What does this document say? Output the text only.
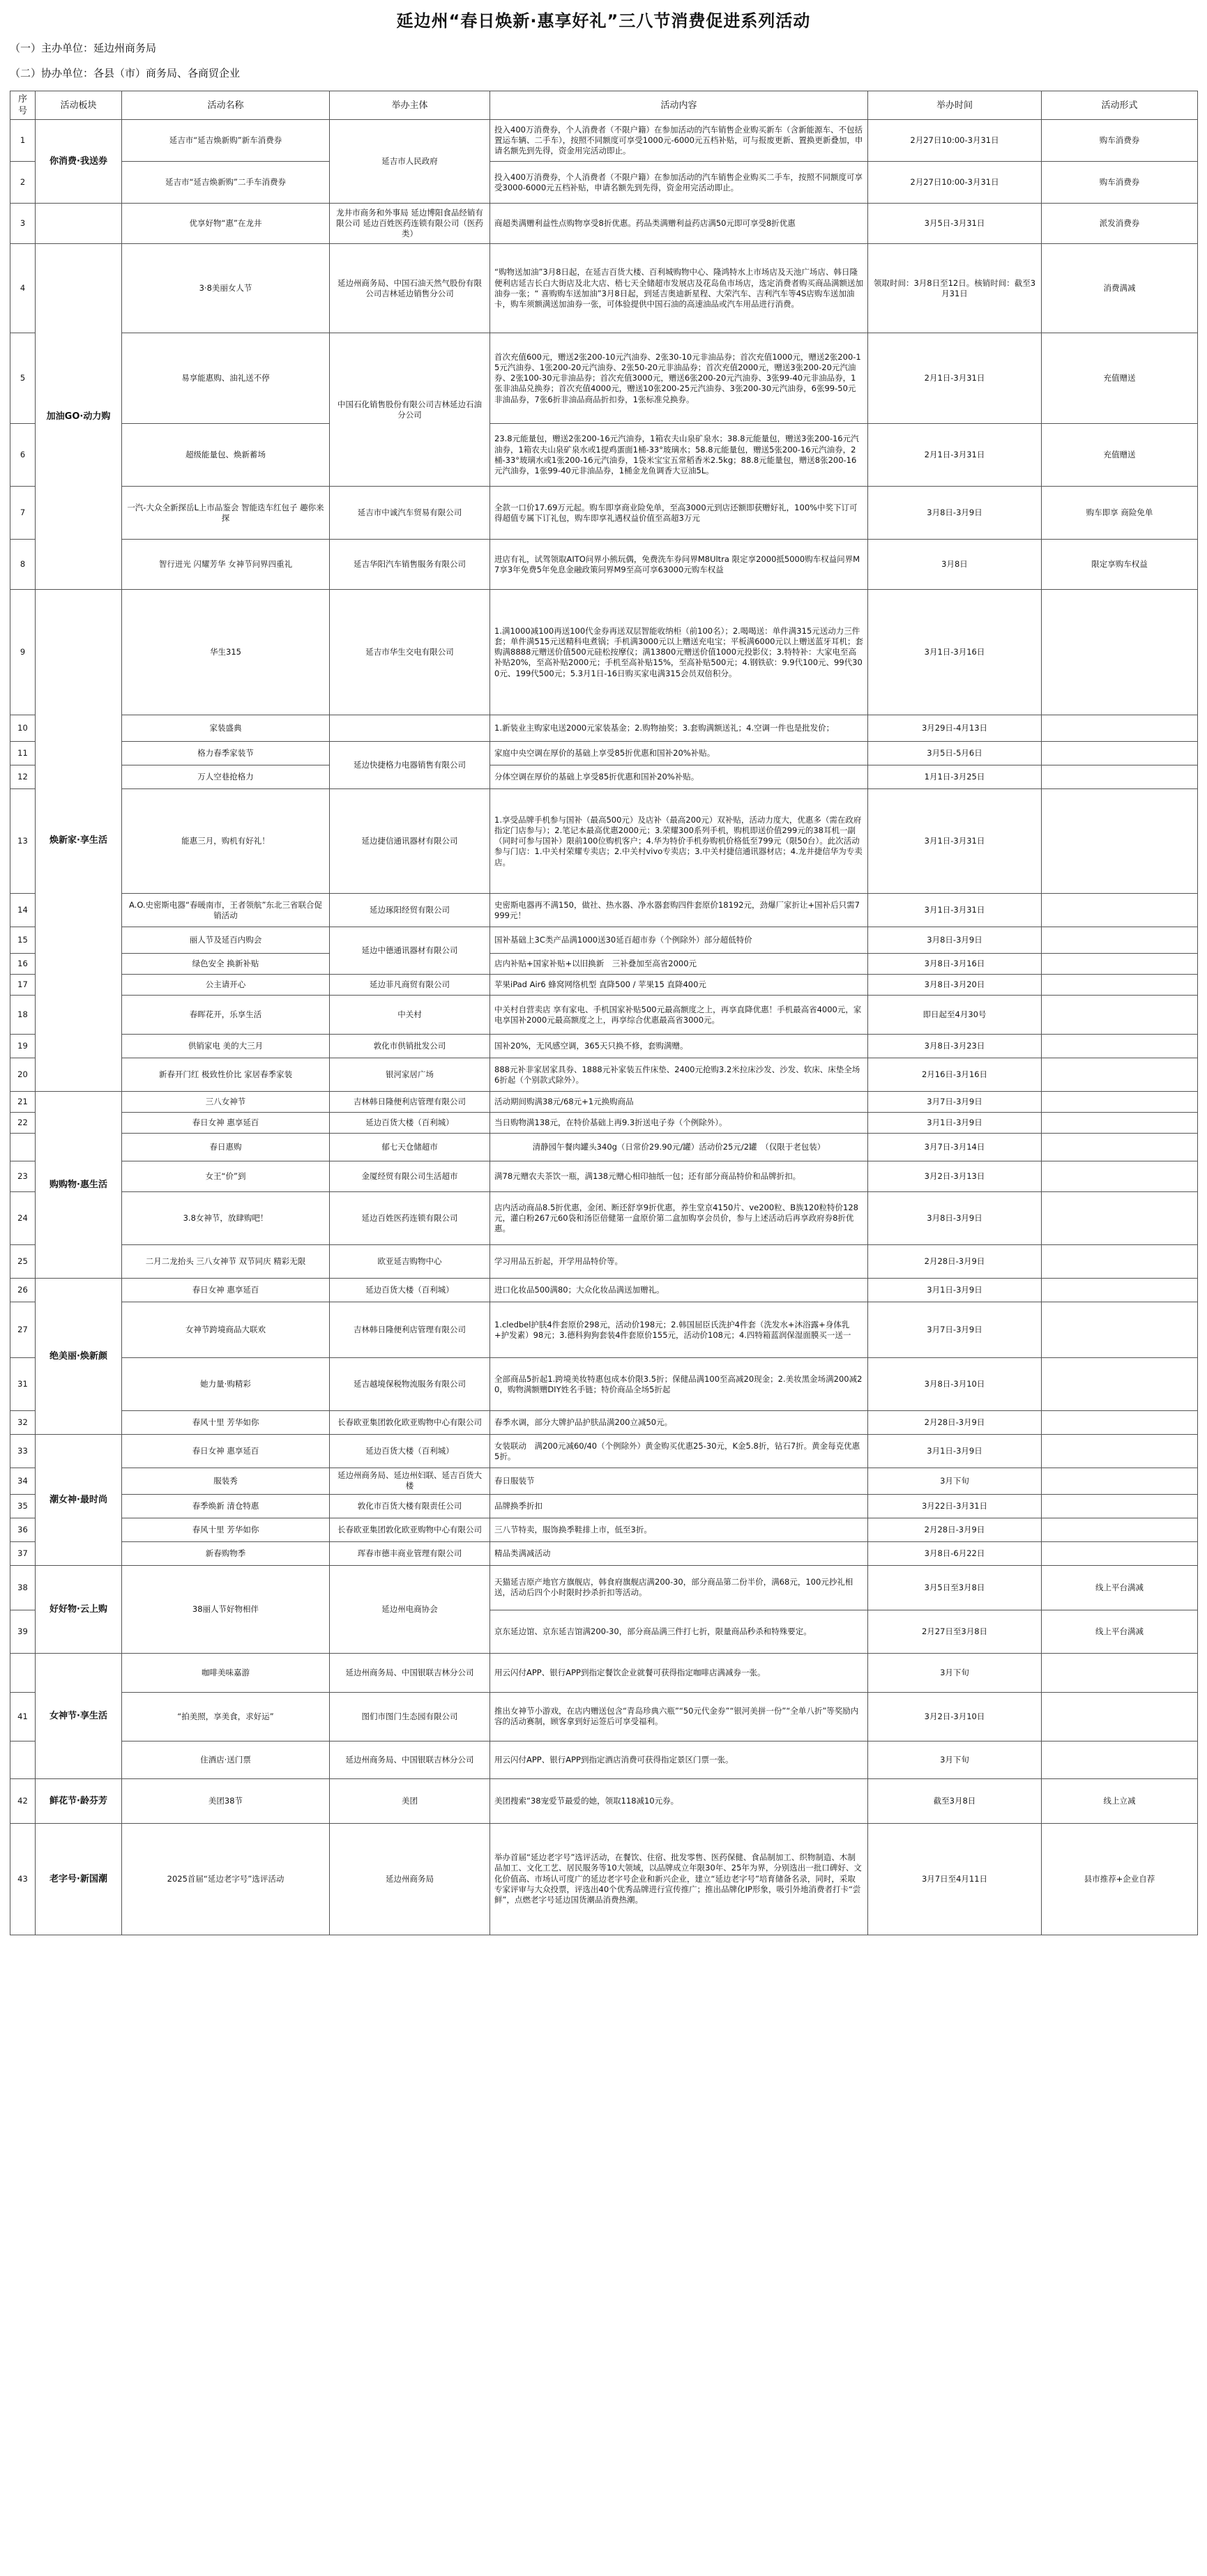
延边州“春日焕新·惠享好礼”三八节消费促进系列活动
（一）主办单位：延边州商务局
（二）协办单位：各县（市）商务局、各商贸企业
序号	活动板块	活动名称	举办主体	活动内容	举办时间	活动形式
1	你消费·我送券	延吉市“延吉焕新购”新车消费券	延吉市人民政府	投入400万消费券，个人消费者（不限户籍）在参加活动的汽车销售企业购买新车（含新能源车、不包括置运车辆、二手车），按照不同额度可享受1000元-6000元五档补贴，可与报废更新、置换更新叠加，申请名额先到先得，资金用完活动即止。	2月27日10:00-3月31日	购车消费券
2		延吉市“延吉焕新购”二手车消费券		投入400万消费券，个人消费者（不限户籍）在参加活动的汽车销售企业购买二手车，按照不同额度可享受3000-6000元五档补贴，申请名额先到先得，资金用完活动即止。	2月27日10:00-3月31日	购车消费券
3		优享好物“惠”在龙井	龙井市商务和外事局 延边博阳食品经销有限公司 延边百姓医药连锁有限公司（医药类）	商超类满赠利益性点购物享受8折优惠。药品类满赠利益药店满50元即可享受8折优惠	3月5日-3月31日	派发消费券
4	加油GO·动力购	3·8美丽女人节	延边州商务局、中国石油天然气股份有限公司吉林延边销售分公司	“购物送加油”3月8日起，在延吉百货大楼、百利城购物中心、隆鸿特水上市场店及天池广场店、韩日隆便利店延吉长白大街店及北大店、梧七天全储超市发展店及花岛鱼市场店，选定消费者购买商品满额送加油券一张；“ 喜购购车送加油”3月8日起，到延吉奥迪新星程、大荣汽车、吉利汽车等4S店购车送加油卡，购车须额满送加油券一张，可体验提供中国石油的高速油品或汽车用品进行消费。	领取时间：3月8日至12日。核销时间：截至3月31日	消费满减
5		易享能惠购、油礼送不停	中国石化销售股份有限公司吉林延边石油分公司	首次充值600元，赠送2张200-10元汽油券、2张30-10元非油品券；首次充值1000元，赠送2张200-15元汽油券、1张200-20元汽油券、2张50-20元非油品券；首次充值2000元，赠送3张200-20元汽油券、2张100-30元非油品券；首次充值3000元，赠送6张200-20元汽油券、3张99-40元非油品券，1张非油品兑换券；首次充值4000元，赠送10张200-25元汽油券、3张200-30元汽油券，6张99-50元非油品券，7张6折非油品商品折扣券，1张标准兑换券。	2月1日-3月31日	充值赠送
6		超级能量包、焕新蓄场		23.8元能量包，赠送2张200-16元汽油券，1箱农夫山泉矿泉水；38.8元能量包，赠送3张200-16元汽油券，1箱农夫山泉矿泉水或1提鸡蛋面1桶-33°玻璃水；58.8元能量包，赠送5张200-16元汽油券，2桶-33°玻璃水或1张200-16元汽油券，1袋米宝宝五常稻香米2.5kg；88.8元能量包，赠送8张200-16元汽油券，1张99-40元非油品券，1桶金龙鱼调香大豆油5L。	2月1日-3月31日	充值赠送
7		一汽-大众全新探岳L上市品鉴会 智能迭车红包子 趣你来探	延吉市中诚汽车贸易有限公司	全款一口价17.69万元起。购车即享商业险免单，至高3000元到店还额即获赠好礼，100%中奖下订可得超值专属下订礼包，购车即享礼遇权益价值至高超3万元	3月8日-3月9日	购车即享 商险免单
8		智行迸光 闪耀芳华 女神节问界四重礼	延吉华阳汽车销售服务有限公司	进店有礼，试驾领取AITO问界小熊玩偶，免费洗车券问界M8Ultra 限定享2000抵5000购车权益问界M7享3年免费5年免息金融政策问界M9至高可享63000元购车权益	3月8日	限定享购车权益
9	焕新家·享生活	华生315	延吉市华生交电有限公司	1.满1000减100再送100代金券再送双层智能收纳柜（前100名）；2.喝喝送：单件满315元送动力三件套；单件满515元送精科电煮锅；手机满3000元以上赠送充电宝；平板满6000元以上赠送蓝牙耳机；套购满8888元赠送价值500元硅松按摩仪；满13800元赠送价值1000元投影仪；3.特特补：大家电至高补贴20%，至高补贴2000元；手机至高补贴15%，至高补贴500元；4.钢铁砍：9.9代100元、99代300元、199代500元；5.3月1日-16日购买家电满315会员双倍积分。	3月1日-3月16日	
10		家装盛典		1.新装业主购家电送2000元家装基金；2.购物抽奖；3.套购满额送礼；4.空调一件也是批发价；	3月29日-4月13日	
11		格力春季家装节	延边快捷格力电器销售有限公司	家庭中央空调在厚价的基础上享受85折优惠和国补20%补贴。	3月5日-5月6日	
12		万人空巷抢格力		分体空调在厚价的基础上享受85折优惠和国补20%补贴。	1月1日-3月25日	
13		能惠三月，购机有好礼！	延边捷信通讯器材有限公司	1.享受品牌手机参与国补（最高500元）及店补（最高200元）双补贴，活动力度大，优惠多（需在政府指定门店参与）；2.笔记本最高优惠2000元；3.荣耀300系列手机，购机即送价值299元的38耳机一副（同时可参与国补）限前100位购机客户；4.华为特价手机券购机价格低至799元（限50台）。此次活动参与门店：1.中关村荣耀专卖店；2.中关村vivo专卖店；3.中关村捷信通讯器材店；4.龙井捷信华为专卖店。	3月1日-3月31日	
14		A.O.史密斯电器“春暖南市，王者领航”东北三省联合促销活动	延边琢阳经贸有限公司	史密斯电器再不满150，做社、热水器、净水器套购四件套原价18192元，劲爆厂家折让+国补后只需7999元！	3月1日-3月31日	
15		丽人节及延百内购会	延边中德通讯器材有限公司	国补基础上3C类产品满1000送30延百超市券（个例除外）部分超低特价	3月8日-3月9日	
16		绿色安全 换新补贴		店内补贴+国家补贴+以旧换新　三补叠加至高省2000元	3月8日-3月16日	
17		公主请开心	延边菲凡商贸有限公司	苹果iPad Air6 蜂窝网络机型 直降500 / 苹果15 直降400元	3月8日-3月20日	
18		春晖花开，乐享生活	中关村	中关村自营卖店 享有家电、手机国家补贴500元最高额度之上，再享直降优惠！手机最高省4000元，家电享国补2000元最高额度之上，再享综合优惠最高省3000元。	即日起至4月30号	
19		供销家电 美的大三月	敦化市供销批发公司	国补20%，无风感空调，365天只换不修，套购满赠。	3月8日-3月23日	
20		新春开门红 极致性价比 家居春季家装	银河家居广场	888元补非家居家具券、1888元补家装五件床垫、2400元抢购3.2米拉床沙发、沙发、软床、床垫全场6折起（个别款式除外）。	2月16日-3月16日	
21	购购物·惠生活	三八女神节	吉林韩日隆便利店管理有限公司	活动期间购满38元/68元+1元换购商品	3月7日-3月9日	
22		春日女神 惠享延百	延边百货大楼（百利城）	当日购物满138元，在特价基础上再9.3折送电子券（个例除外）。	3月1日-3月9日	
		春日惠购	郁七天仓储超市	清静园午餐肉罐头340g（日常价29.90元/罐）活动价25元/2罐　（仅限于老包装）	3月7日-3月14日	
23		女王“价”到	金厦经贸有限公司生活超市	满78元赠农夫茶饮一瓶，满138元赠心相印抽纸一包；还有部分商品特价和品牌折扣。	3月2日-3月13日	
24		3.8女神节，放肆购吧！	延边百姓医药连锁有限公司	店内活动商品8.5折优惠，金闭、断还舒享9折优惠，养生堂京4150片、ve200粒、B族120粒特价128元，灌白粉267元60袋和汤臣倍健第一盒原价第二盒加购享会员价，参与上述活动后再享政府券8折优惠。	3月8日-3月9日	
25		二月二龙抬头 三八女神节 双节同庆 精彩无限	欧亚延吉购物中心	学习用品五折起，开学用品特价等。	2月28日-3月9日	
26	绝美丽·焕新颜	春日女神 惠享延百	延边百货大楼（百利城）	进口化妆品500满80；大众化妆品满送加赠礼。	3月1日-3月9日	
27		女神节跨境商品大联欢	吉林韩日隆便利店管理有限公司	1.cledbel护肤4件套原价298元，活动价198元；2.韩国屈臣氏洗护4件套（洗发水+沐浴露+身体乳+护发素）98元；3.德科狗狗套装4件套原价155元，活动价108元；4.四特箱蓝润保湿面膜买一送一	3月7日-3月9日	
31		她力量·购精彩	延吉越境保税物流服务有限公司	全部商品5折起1.跨境美妆特惠包成本价限3.5折；保健品满100至高减20现金；2.美妆黑金场满200减20，购物满额赠DIY姓名手链；特价商品全场5折起	3月8日-3月10日	
32		春风十里 芳华如你	长春欧亚集团敦化欧亚购物中心有限公司	春季水调，部分大牌护品护肤品满200立减50元。	2月28日-3月9日	
33	潮女神·最时尚	春日女神 惠享延百	延边百货大楼（百利城）	女装联动　满200元减60/40（个例除外）黄金购买优惠25-30元，K金5.8折，钻石7折。黄金每克优惠5折。	3月1日-3月9日	
34		服装秀	延边州商务局、延边州妇联、延吉百货大楼	春日服装节	3月下旬	
35		春季焕新 清仓特惠	敦化市百货大楼有限责任公司	品牌换季折扣	3月22日-3月31日	
36		春风十里 芳华如你	长春欧亚集团敦化欧亚购物中心有限公司	三八节特卖，服饰换季鞋排上市，低至3折。	2月28日-3月9日	
37		新春购物季	珲春市德丰商业管理有限公司	精品类满减活动	3月8日-6月22日	
38	好好物·云上购	38丽人节好物相伴	延边州电商协会	天猫延吉原产地官方旗舰店，韩食府旗舰店满200-30，部分商品第二份半价，满68元，100元抄礼相送，活动后四个小时限时抄杀折扣等活动。	3月5日至3月8日	线上平台满减
39				京东延边馆、京东延吉馆满200-30，部分商品满三件打七折，限量商品秒杀和特殊要定。	2月27日至3月8日	线上平台满减
	女神节·享生活	咖啡美味嘉游	延边州商务局、中国银联吉林分公司	用云闪付APP、银行APP到指定餐饮企业就餐可获得指定咖啡店满减券一张。	3月下旬	
41		“拍美照，享美食，求好运”	图们市图门生态园有限公司	推出女神节小游戏，在店内赠送包含“青岛珍典六瓶”“50元代金券”“银河美拼一份”“全单八折”等奖励内容的活动赛制，顾客拿到好运签后可享受福利。	3月2日-3月10日	
		住酒店·送门票	延边州商务局、中国银联吉林分公司	用云闪付APP、银行APP到指定酒店消费可获得指定景区门票一张。	3月下旬	
42	鲜花节·龄芬芳	美团38节	美团	美团搜索“38宠爱节最爱的她，领取118减10元券。	截至3月8日	线上立减
43	老字号·新国潮	2025首届“延边老字号”选评活动	延边州商务局	举办首届“延边老字号”选评活动，在餐饮、住宿、批发零售、医药保健、食品制加工、织物制造、木制品加工、文化工艺、居民服务等10大领域，以品牌成立年限30年、25年为界，分别选出一批口碑好、文化价值高、市场认可度广的延边老字号企业和新兴企业，建立“延边老字号”培育储备名录，同时，采取专家评审与大众投票，评选出40个优秀品牌进行宣传推广；推出品牌化IP形象，吸引外地消费者打卡“尝鲜”，点燃老字号延边国货潮品消费热潮。	3月7日至4月11日	县市推荐+企业自荐
